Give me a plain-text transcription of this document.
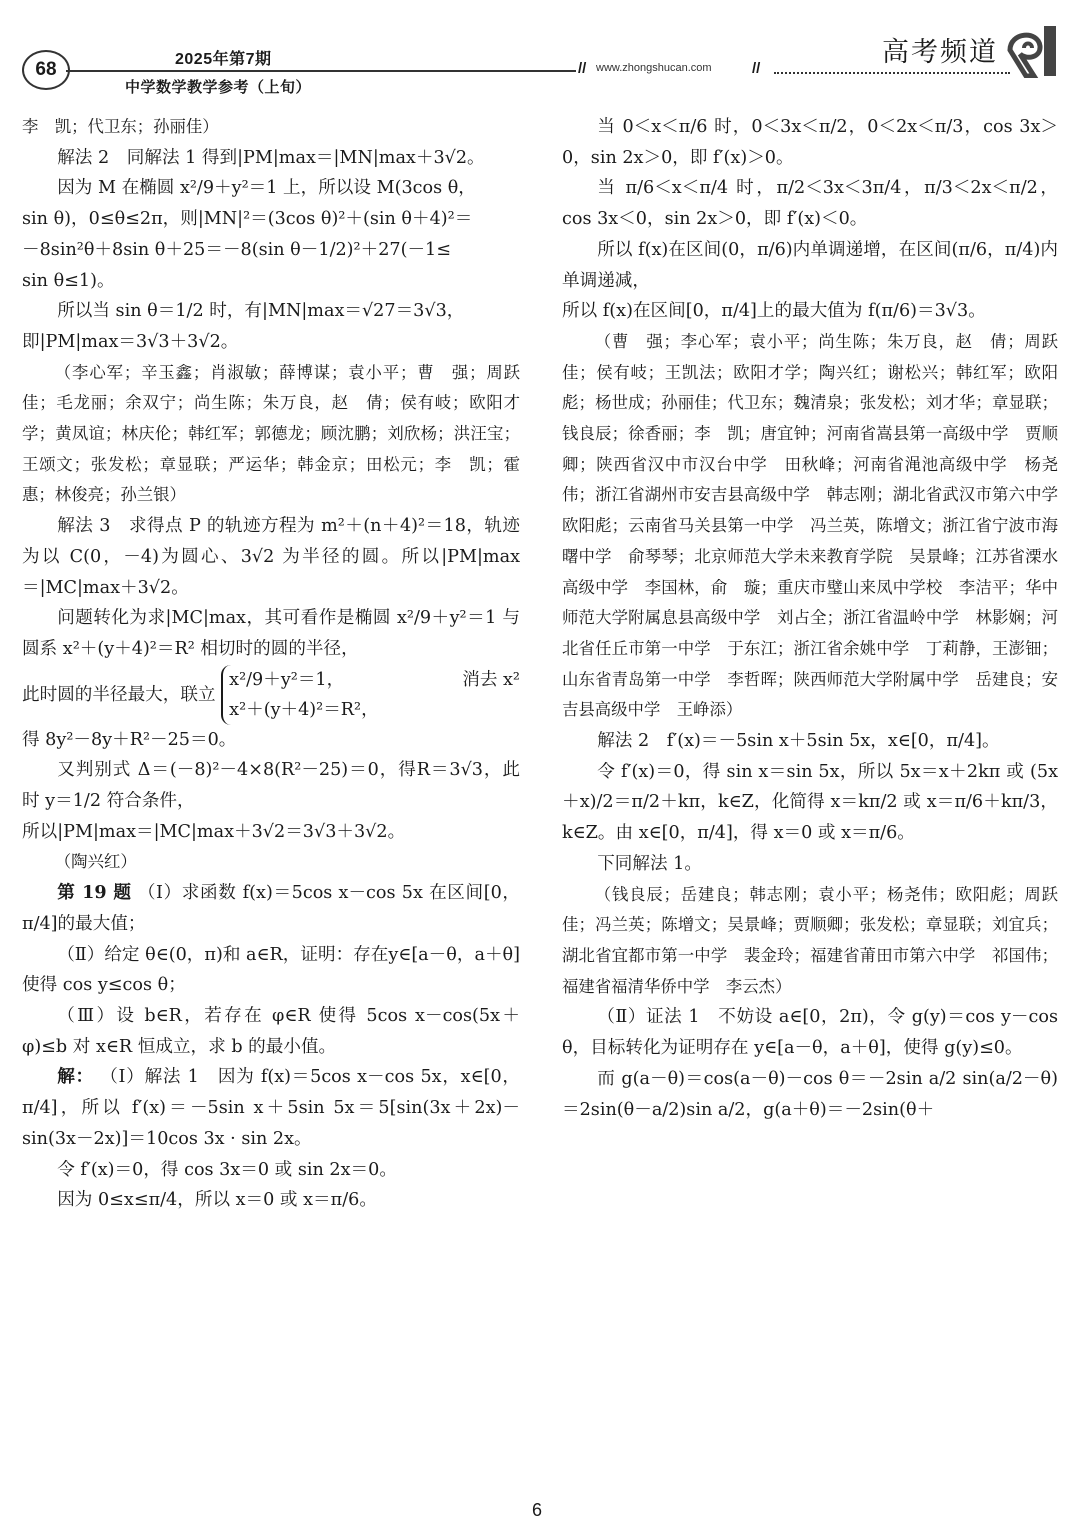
68	2025年第7期
中学数学教学参考（上旬）
// www.zhongshucan.com	//
高考频道

李　凯；代卫东；孙丽佳）

解法 2　同解法 1 得到|PM|max＝|MN|max＋3√2。

因为 M 在椭圆 x²/9＋y²＝1 上，所以设 M(3cos θ，

sin θ)，0≤θ≤2π，则|MN|²＝(3cos θ)²＋(sin θ＋4)²＝

－8sin²θ＋8sin θ＋25＝－8(sin θ－1/2)²＋27(－1≤

sin θ≤1)。

所以当 sin θ＝1/2 时，有|MN|max＝√27＝3√3，

即|PM|max＝3√3＋3√2。

（李心军；辛玉鑫；肖淑敏；薛博谋；袁小平；曹　强；周跃佳；毛龙丽；余双宁；尚生陈；朱万良，赵　倩；侯有岐；欧阳才学；黄凤谊；林庆伦；韩红军；郭德龙；顾沈鹏；刘欣杨；洪汪宝；王颂文；张发松；章显联；严运华；韩金京；田松元；李　凯；霍　惠；林俊亮；孙兰银）

解法 3　求得点 P 的轨迹方程为 m²＋(n＋4)²＝18，轨迹为以 C(0，－4)为圆心、3√2 为半径的圆。所以|PM|max＝|MC|max＋3√2。

问题转化为求|MC|max，其可看作是椭圆 x²/9＋y²＝1 与圆系 x²＋(y＋4)²＝R² 相切时的圆的半径，

此时圆的半径最大，联立
x²/9＋y²＝1，
x²＋(y＋4)²＝R²，
消去 x²

得 8y²－8y＋R²－25＝0。

又判别式 Δ＝(－8)²－4×8(R²－25)＝0，得R＝3√3，此时 y＝1/2 符合条件，

所以|PM|max＝|MC|max＋3√2＝3√3＋3√2。

（陶兴红）

第 19 题 （Ⅰ）求函数 f(x)＝5cos x－cos 5x 在区间[0，π/4]的最大值；

（Ⅱ）给定 θ∈(0，π)和 a∈R，证明：存在y∈[a－θ，a＋θ]使得 cos y≤cos θ；

（Ⅲ）设 b∈R，若存在 φ∈R 使得 5cos x－cos(5x＋φ)≤b 对 x∈R 恒成立，求 b 的最小值。

解： （Ⅰ）解法 1　因为 f(x)＝5cos x－cos 5x，x∈[0，π/4]，所以 f′(x)＝－5sin x＋5sin 5x＝5[sin(3x＋2x)－sin(3x－2x)]＝10cos 3x · sin 2x。

令 f′(x)＝0，得 cos 3x＝0 或 sin 2x＝0。

因为 0≤x≤π/4，所以 x＝0 或 x＝π/6。

当 0＜x＜π/6 时，0＜3x＜π/2，0＜2x＜π/3，cos 3x＞0，sin 2x＞0，即 f′(x)＞0。

当 π/6＜x＜π/4 时，π/2＜3x＜3π/4，π/3＜2x＜π/2，cos 3x＜0，sin 2x＞0，即 f′(x)＜0。

所以 f(x)在区间(0，π/6)内单调递增，在区间(π/6，π/4)内单调递减，

所以 f(x)在区间[0，π/4]上的最大值为 f(π/6)＝3√3。

（曹　强；李心军；袁小平；尚生陈；朱万良，赵　倩；周跃佳；侯有岐；王凯法；欧阳才学；陶兴红；谢松兴；韩红军；欧阳彪；杨世成；孙丽佳；代卫东；魏清泉；张发松；刘才华；章显联；钱良辰；徐香丽；李　凯；唐宜钟；河南省嵩县第一高级中学　贾顺卿；陕西省汉中市汉台中学　田秋峰；河南省渑池高级中学　杨尧伟；浙江省湖州市安吉县高级中学　韩志刚；湖北省武汉市第六中学　欧阳彪；云南省马关县第一中学　冯兰英，陈增文；浙江省宁波市海曙中学　俞琴琴；北京师范大学未来教育学院　吴景峰；江苏省溧水高级中学　李国林，俞　璇；重庆市璧山来凤中学校　李洁平；华中师范大学附属息县高级中学　刘占全；浙江省温岭中学　林影娴；河北省任丘市第一中学　于东江；浙江省余姚中学　丁莉静，王澎钿；山东省青岛第一中学　李哲晖；陕西师范大学附属中学　岳建良；安吉县高级中学　王峥添）

解法 2　f′(x)＝－5sin x＋5sin 5x，x∈[0，π/4]。

令 f′(x)＝0，得 sin x＝sin 5x，所以 5x＝x＋2kπ 或 (5x＋x)/2＝π/2＋kπ，k∈Z，化简得 x＝kπ/2 或 x＝π/6＋kπ/3，k∈Z。由 x∈[0，π/4]，得 x＝0 或 x＝π/6。

下同解法 1。

（钱良辰；岳建良；韩志刚；袁小平；杨尧伟；欧阳彪；周跃佳；冯兰英；陈增文；吴景峰；贾顺卿；张发松；章显联；刘宜兵；湖北省宜都市第一中学　裴金玲；福建省莆田市第六中学　祁国伟；福建省福清华侨中学　李云杰）

（Ⅱ）证法 1　不妨设 a∈[0，2π)，令 g(y)＝cos y－cos θ，目标转化为证明存在 y∈[a－θ，a＋θ]，使得 g(y)≤0。

而 g(a－θ)＝cos(a－θ)－cos θ＝－2sin a/2 sin(a/2－θ)＝2sin(θ－a/2)sin a/2，g(a＋θ)＝－2sin(θ＋

6
